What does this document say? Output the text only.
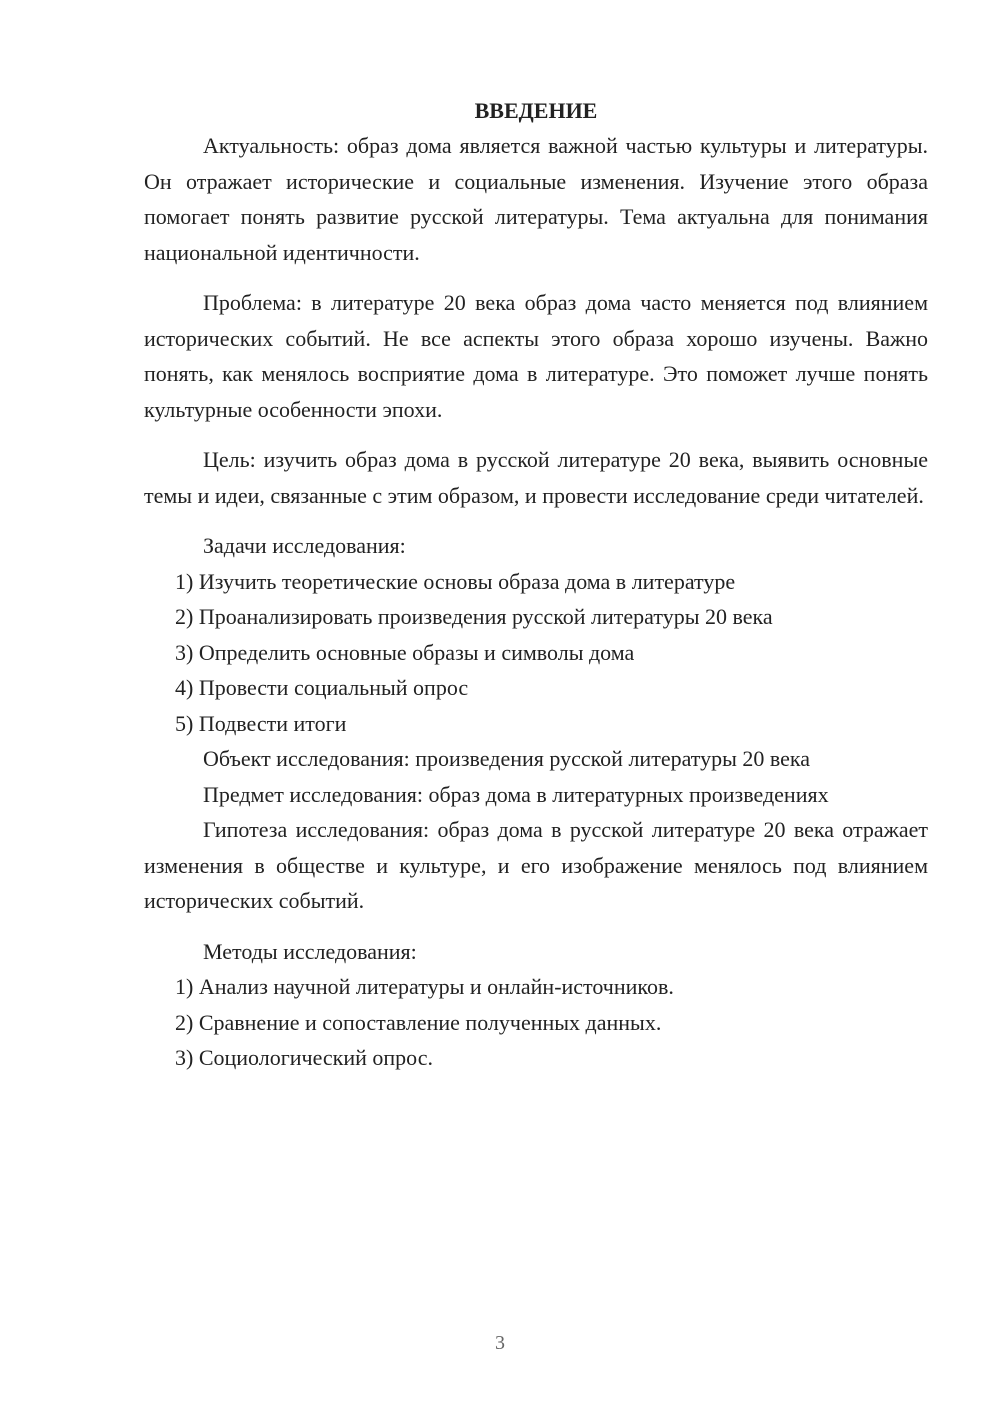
ВВЕДЕНИЕ

Актуальность: образ дома является важной частью культуры и литературы. Он отражает исторические и социальные изменения. Изучение этого образа помогает понять развитие русской литературы. Тема актуальна для понимания национальной идентичности.

Проблема: в литературе 20 века образ дома часто меняется под влиянием исторических событий. Не все аспекты этого образа хорошо изучены. Важно понять, как менялось восприятие дома в литературе. Это поможет лучше понять культурные особенности эпохи.

Цель: изучить образ дома в русской литературе 20 века, выявить основные темы и идеи, связанные с этим образом, и провести исследование среди читателей.

Задачи исследования:

1) Изучить теоретические основы образа дома в литературе

2) Проанализировать произведения русской литературы 20 века

3) Определить основные образы и символы дома

4) Провести социальный опрос

5) Подвести итоги

Объект исследования: произведения русской литературы 20 века

Предмет исследования: образ дома в литературных произведениях

Гипотеза исследования: образ дома в русской литературе 20 века отражает изменения в обществе и культуре, и его изображение менялось под влиянием исторических событий.

Методы исследования:

1) Анализ научной литературы и онлайн-источников.

2) Сравнение и сопоставление полученных данных.

3) Социологический опрос.

3
